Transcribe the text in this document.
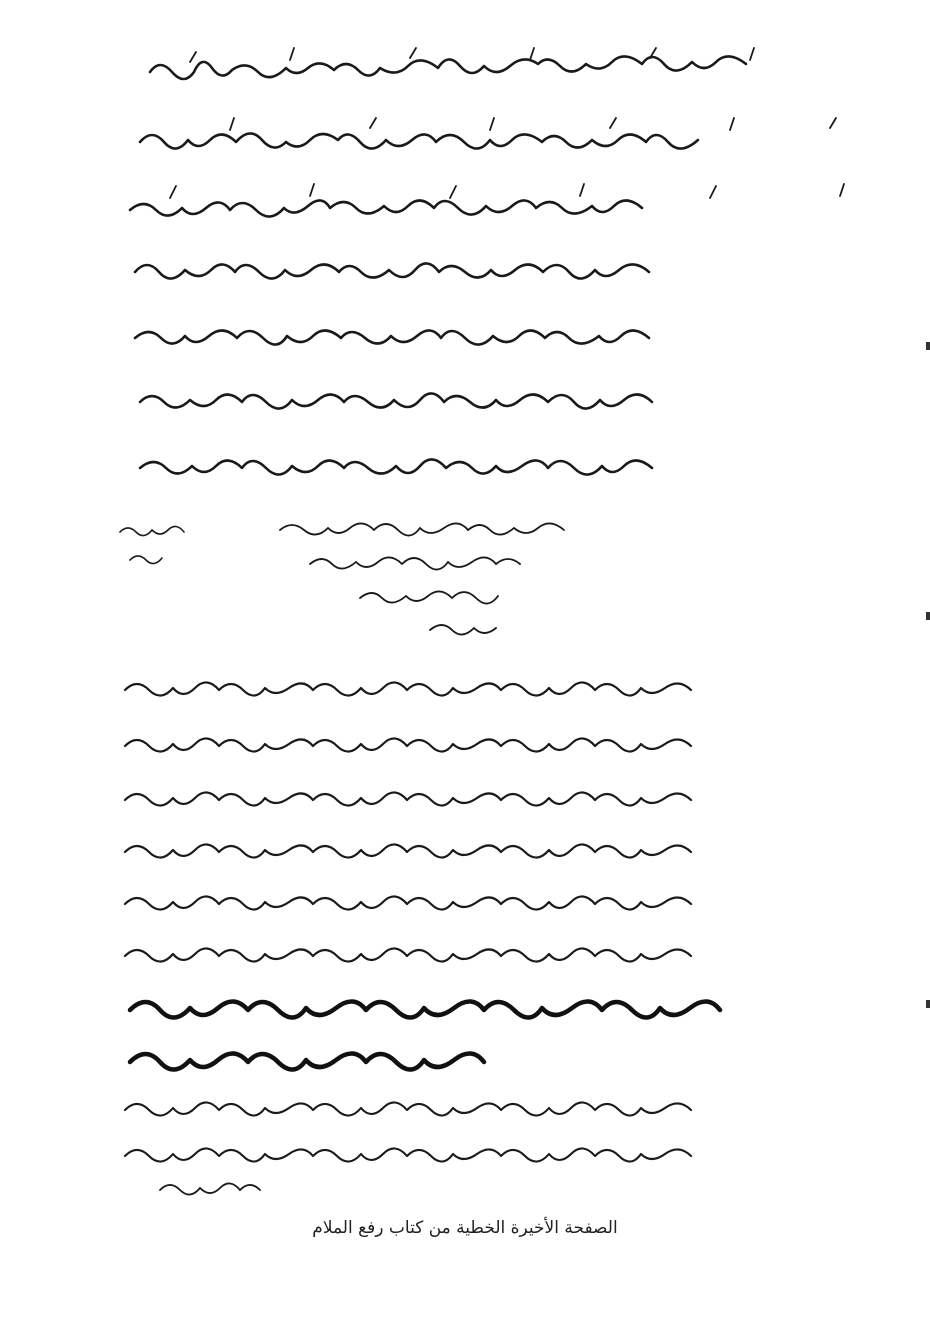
الصفحة الأخيرة الخطية من كتاب رفع الملام
